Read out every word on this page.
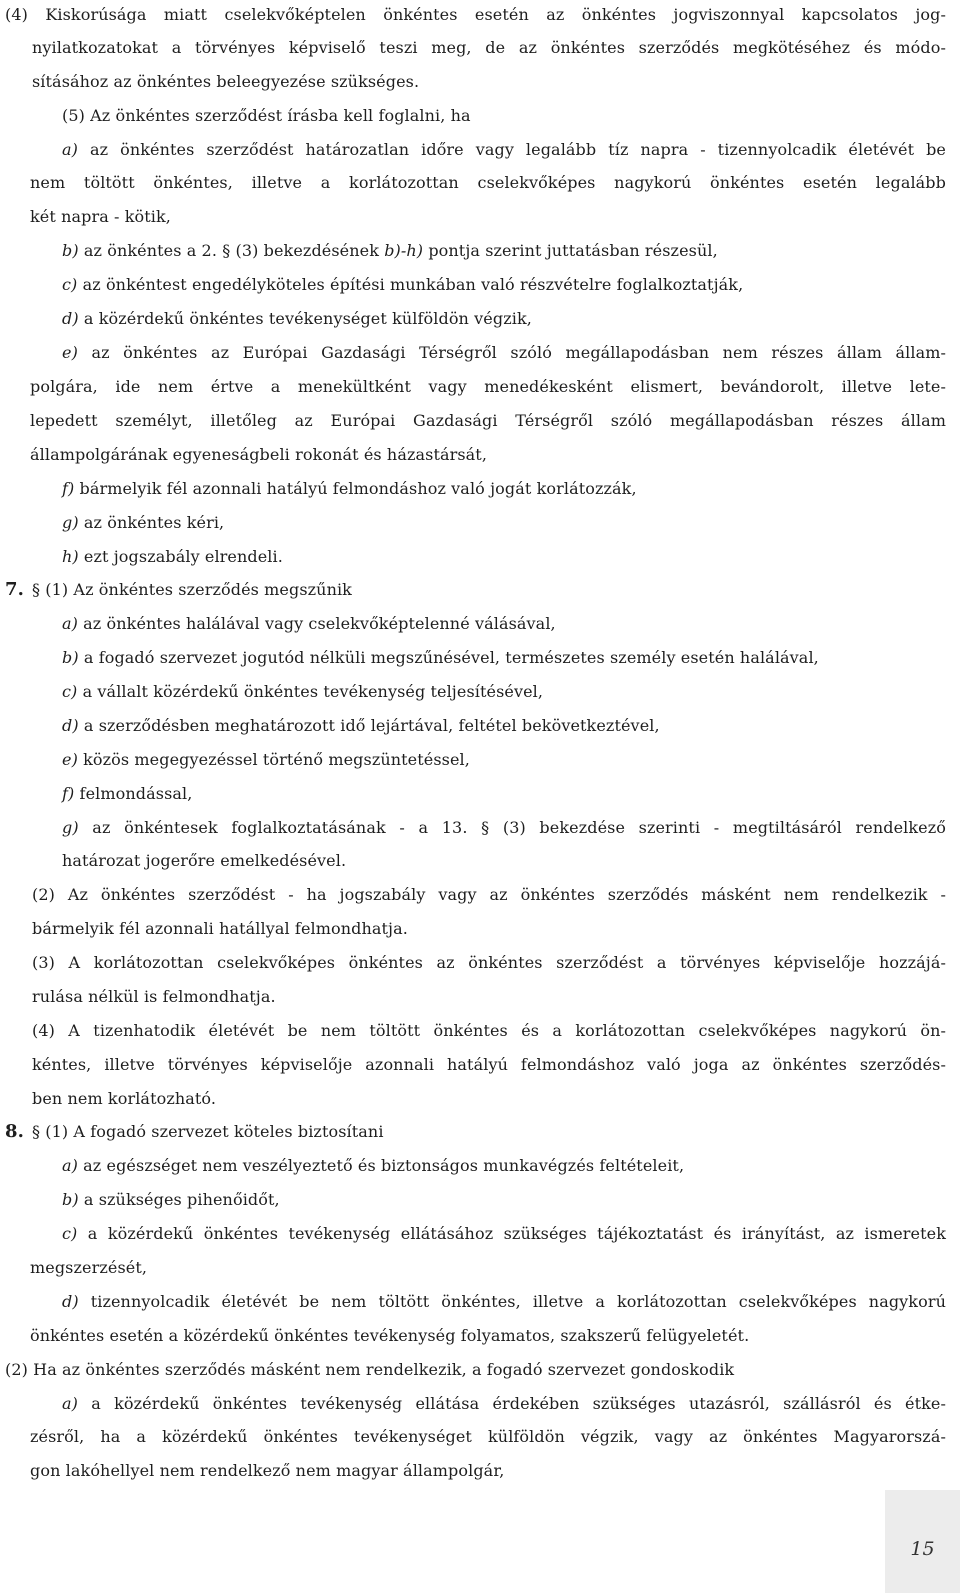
(4) Kiskorúsága miatt cselekvőképtelen önkéntes esetén az önkéntes jogviszonnyal kapcsolatos jog-

nyilatkozatokat a törvényes képviselő teszi meg, de az önkéntes szerződés megkötéséhez és módo-

sításához az önkéntes beleegyezése szükséges.

(5) Az önkéntes szerződést írásba kell foglalni, ha

a) az önkéntes szerződést határozatlan időre vagy legalább tíz napra - tizennyolcadik életévét be

nem töltött önkéntes, illetve a korlátozottan cselekvőképes nagykorú önkéntes esetén legalább

két napra - kötik,

b) az önkéntes a 2. § (3) bekezdésének b)-h) pontja szerint juttatásban részesül,

c) az önkéntest engedélyköteles építési munkában való részvételre foglalkoztatják,

d) a közérdekű önkéntes tevékenységet külföldön végzik,

e) az önkéntes az Európai Gazdasági Térségről szóló megállapodásban nem részes állam állam-

polgára, ide nem értve a menekültként vagy menedékesként elismert, bevándorolt, illetve lete-

lepedett személyt, illetőleg az Európai Gazdasági Térségről szóló megállapodásban részes állam

állampolgárának egyeneságbeli rokonát és házastársát,

f) bármelyik fél azonnali hatályú felmondáshoz való jogát korlátozzák,

g) az önkéntes kéri,

h) ezt jogszabály elrendeli.

7. § (1) Az önkéntes szerződés megszűnik

a) az önkéntes halálával vagy cselekvőképtelenné válásával,

b) a fogadó szervezet jogutód nélküli megszűnésével, természetes személy esetén halálával,

c) a vállalt közérdekű önkéntes tevékenység teljesítésével,

d) a szerződésben meghatározott idő lejártával, feltétel bekövetkeztével,

e) közös megegyezéssel történő megszüntetéssel,

f) felmondással,

g) az önkéntesek foglalkoztatásának - a 13. § (3) bekezdése szerinti - megtiltásáról rendelkező

határozat jogerőre emelkedésével.

(2) Az önkéntes szerződést - ha jogszabály vagy az önkéntes szerződés másként nem rendelkezik -

bármelyik fél azonnali hatállyal felmondhatja.

(3) A korlátozottan cselekvőképes önkéntes az önkéntes szerződést a törvényes képviselője hozzájá-

rulása nélkül is felmondhatja.

(4) A tizenhatodik életévét be nem töltött önkéntes és a korlátozottan cselekvőképes nagykorú ön-

kéntes, illetve törvényes képviselője azonnali hatályú felmondáshoz való joga az önkéntes szerződés-

ben nem korlátozható.

8. § (1) A fogadó szervezet köteles biztosítani

a) az egészséget nem veszélyeztető és biztonságos munkavégzés feltételeit,

b) a szükséges pihenőidőt,

c) a közérdekű önkéntes tevékenység ellátásához szükséges tájékoztatást és irányítást, az ismeretek

megszerzését,

d) tizennyolcadik életévét be nem töltött önkéntes, illetve a korlátozottan cselekvőképes nagykorú

önkéntes esetén a közérdekű önkéntes tevékenység folyamatos, szakszerű felügyeletét.

(2) Ha az önkéntes szerződés másként nem rendelkezik, a fogadó szervezet gondoskodik

a) a közérdekű önkéntes tevékenység ellátása érdekében szükséges utazásról, szállásról és étke-

zésről, ha a közérdekű önkéntes tevékenységet külföldön végzik, vagy az önkéntes Magyarorszá-

gon lakóhellyel nem rendelkező nem magyar állampolgár,

15
